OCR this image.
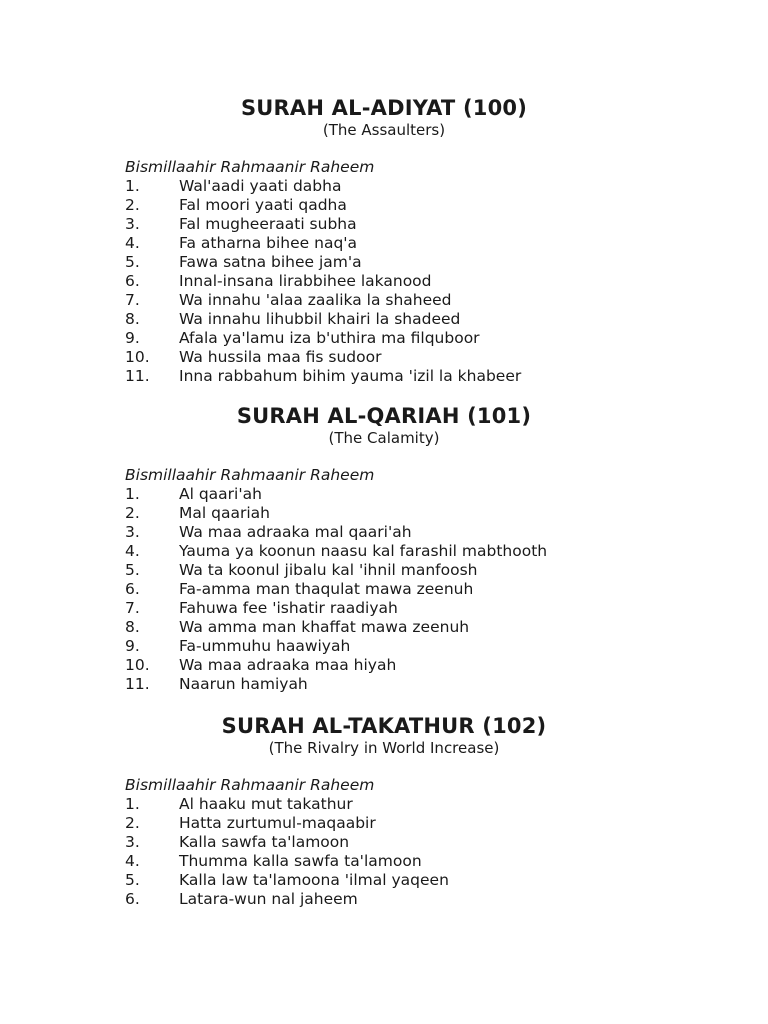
SURAH AL-ADIYAT (100)

(The Assaulters)

Bismillaahir Rahmaanir Raheem
1.	Wal'aadi yaati dabha
2.	Fal moori yaati qadha
3.	Fal mugheeraati subha
4.	Fa atharna bihee naq'a
5.	Fawa satna bihee jam'a
6.	Innal-insana lirabbihee lakanood
7.	Wa innahu 'alaa zaalika la shaheed
8.	Wa innahu lihubbil khairi la shadeed
9.	Afala ya'lamu iza b'uthira ma filquboor
10. Wa hussila maa fis sudoor
11. Inna rabbahum bihim yauma 'izil la khabeer
SURAH AL-QARIAH (101)

(The Calamity)

Bismillaahir Rahmaanir Raheem
1.	Al qaari'ah
2.	Mal qaariah
3.	Wa maa adraaka mal qaari'ah
4.	Yauma ya koonun naasu kal farashil mabthooth
5.	Wa ta koonul jibalu kal 'ihnil manfoosh
6.	Fa-amma man thaqulat mawa zeenuh
7.	Fahuwa fee 'ishatir raadiyah
8.	Wa amma man khaffat mawa zeenuh
9.	Fa-ummuhu haawiyah
10. Wa maa adraaka maa hiyah
11. Naarun hamiyah
SURAH AL-TAKATHUR (102)

(The Rivalry in World Increase)

Bismillaahir Rahmaanir Raheem
1.	Al haaku mut takathur
2.	Hatta zurtumul-maqaabir
3.	Kalla sawfa ta'lamoon
4.	Thumma kalla sawfa ta'lamoon
5.	Kalla law ta'lamoona 'ilmal yaqeen
6.	Latara-wun nal jaheem
